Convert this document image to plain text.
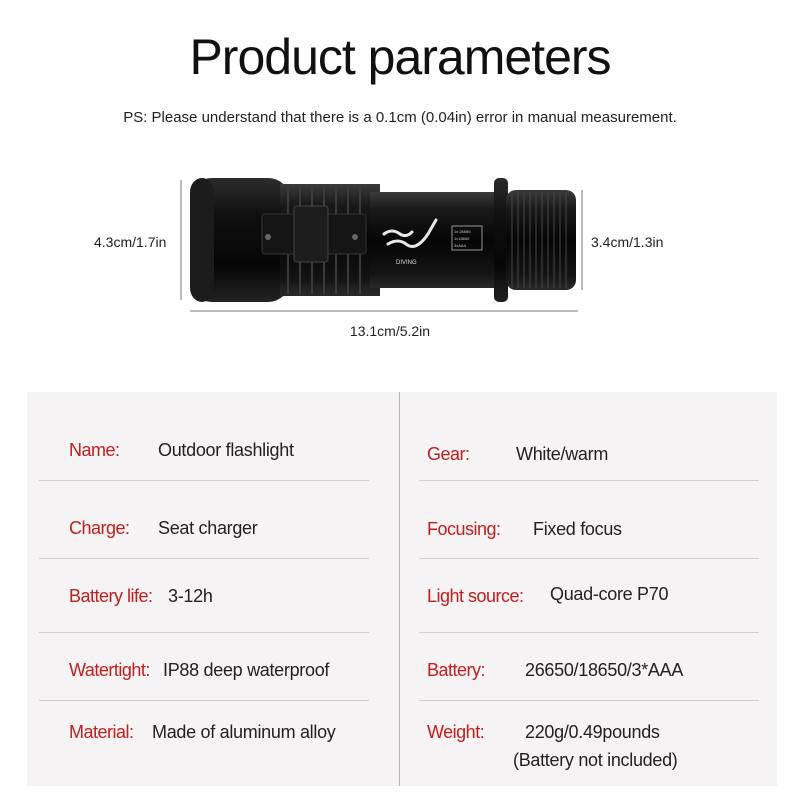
Product parameters
PS: Please understand that there is a 0.1cm (0.04in) error in manual measurement.
DIVING
1x 26650
1x18650
3xAAA
4.3cm/1.7in	3.4cm/1.3in
13.1cm/5.2in
Name: Outdoor flashlight
Charge: Seat charger
Battery life: 3-12h
Watertight: IP88 deep waterproof
Material: Made of aluminum alloy
Gear:	White/warm
Focusing: Fixed focus
Light source: Quad-core P70
Battery: 26650/18650/3*AAA
Weight: 220g/0.49pounds
(Battery not included)
